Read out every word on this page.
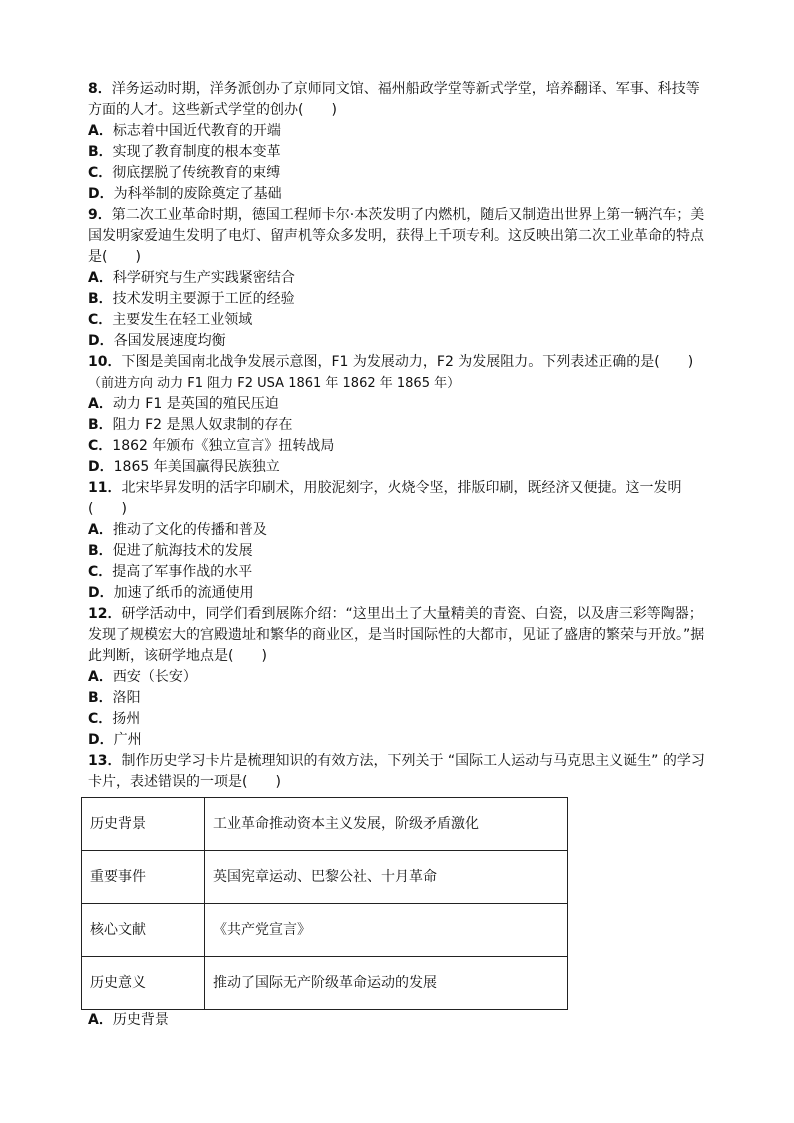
8．洋务运动时期，洋务派创办了京师同文馆、福州船政学堂等新式学堂，培养翻译、军事、科技等方面的人才。这些新式学堂的创办(　　)

A．标志着中国近代教育的开端

B．实现了教育制度的根本变革

C．彻底摆脱了传统教育的束缚

D．为科举制的废除奠定了基础

9．第二次工业革命时期，德国工程师卡尔·本茨发明了内燃机，随后又制造出世界上第一辆汽车；美国发明家爱迪生发明了电灯、留声机等众多发明，获得上千项专利。这反映出第二次工业革命的特点是(　　)

A．科学研究与生产实践紧密结合

B．技术发明主要源于工匠的经验

C．主要发生在轻工业领域

D．各国发展速度均衡

10．下图是美国南北战争发展示意图，F1 为发展动力，F2 为发展阻力。下列表述正确的是(　　)

（前进方向 动力 F1 阻力 F2 USA 1861 年 1862 年 1865 年）

A．动力 F1 是英国的殖民压迫

B．阻力 F2 是黑人奴隶制的存在

C．1862 年颁布《独立宣言》扭转战局

D．1865 年美国赢得民族独立

11．北宋毕昇发明的活字印刷术，用胶泥刻字，火烧令坚，排版印刷，既经济又便捷。这一发明(　　)

A．推动了文化的传播和普及

B．促进了航海技术的发展

C．提高了军事作战的水平

D．加速了纸币的流通使用

12．研学活动中，同学们看到展陈介绍：“这里出土了大量精美的青瓷、白瓷，以及唐三彩等陶器；发现了规模宏大的宫殿遗址和繁华的商业区，是当时国际性的大都市，见证了盛唐的繁荣与开放。”据此判断，该研学地点是(　　)

A．西安（长安）

B．洛阳

C．扬州

D．广州

13．制作历史学习卡片是梳理知识的有效方法，下列关于 “国际工人运动与马克思主义诞生” 的学习卡片，表述错误的一项是(　　)

历史背景	工业革命推动资本主义发展，阶级矛盾激化
重要事件	英国宪章运动、巴黎公社、十月革命
核心文献	《共产党宣言》
历史意义	推动了国际无产阶级革命运动的发展

A．历史背景
